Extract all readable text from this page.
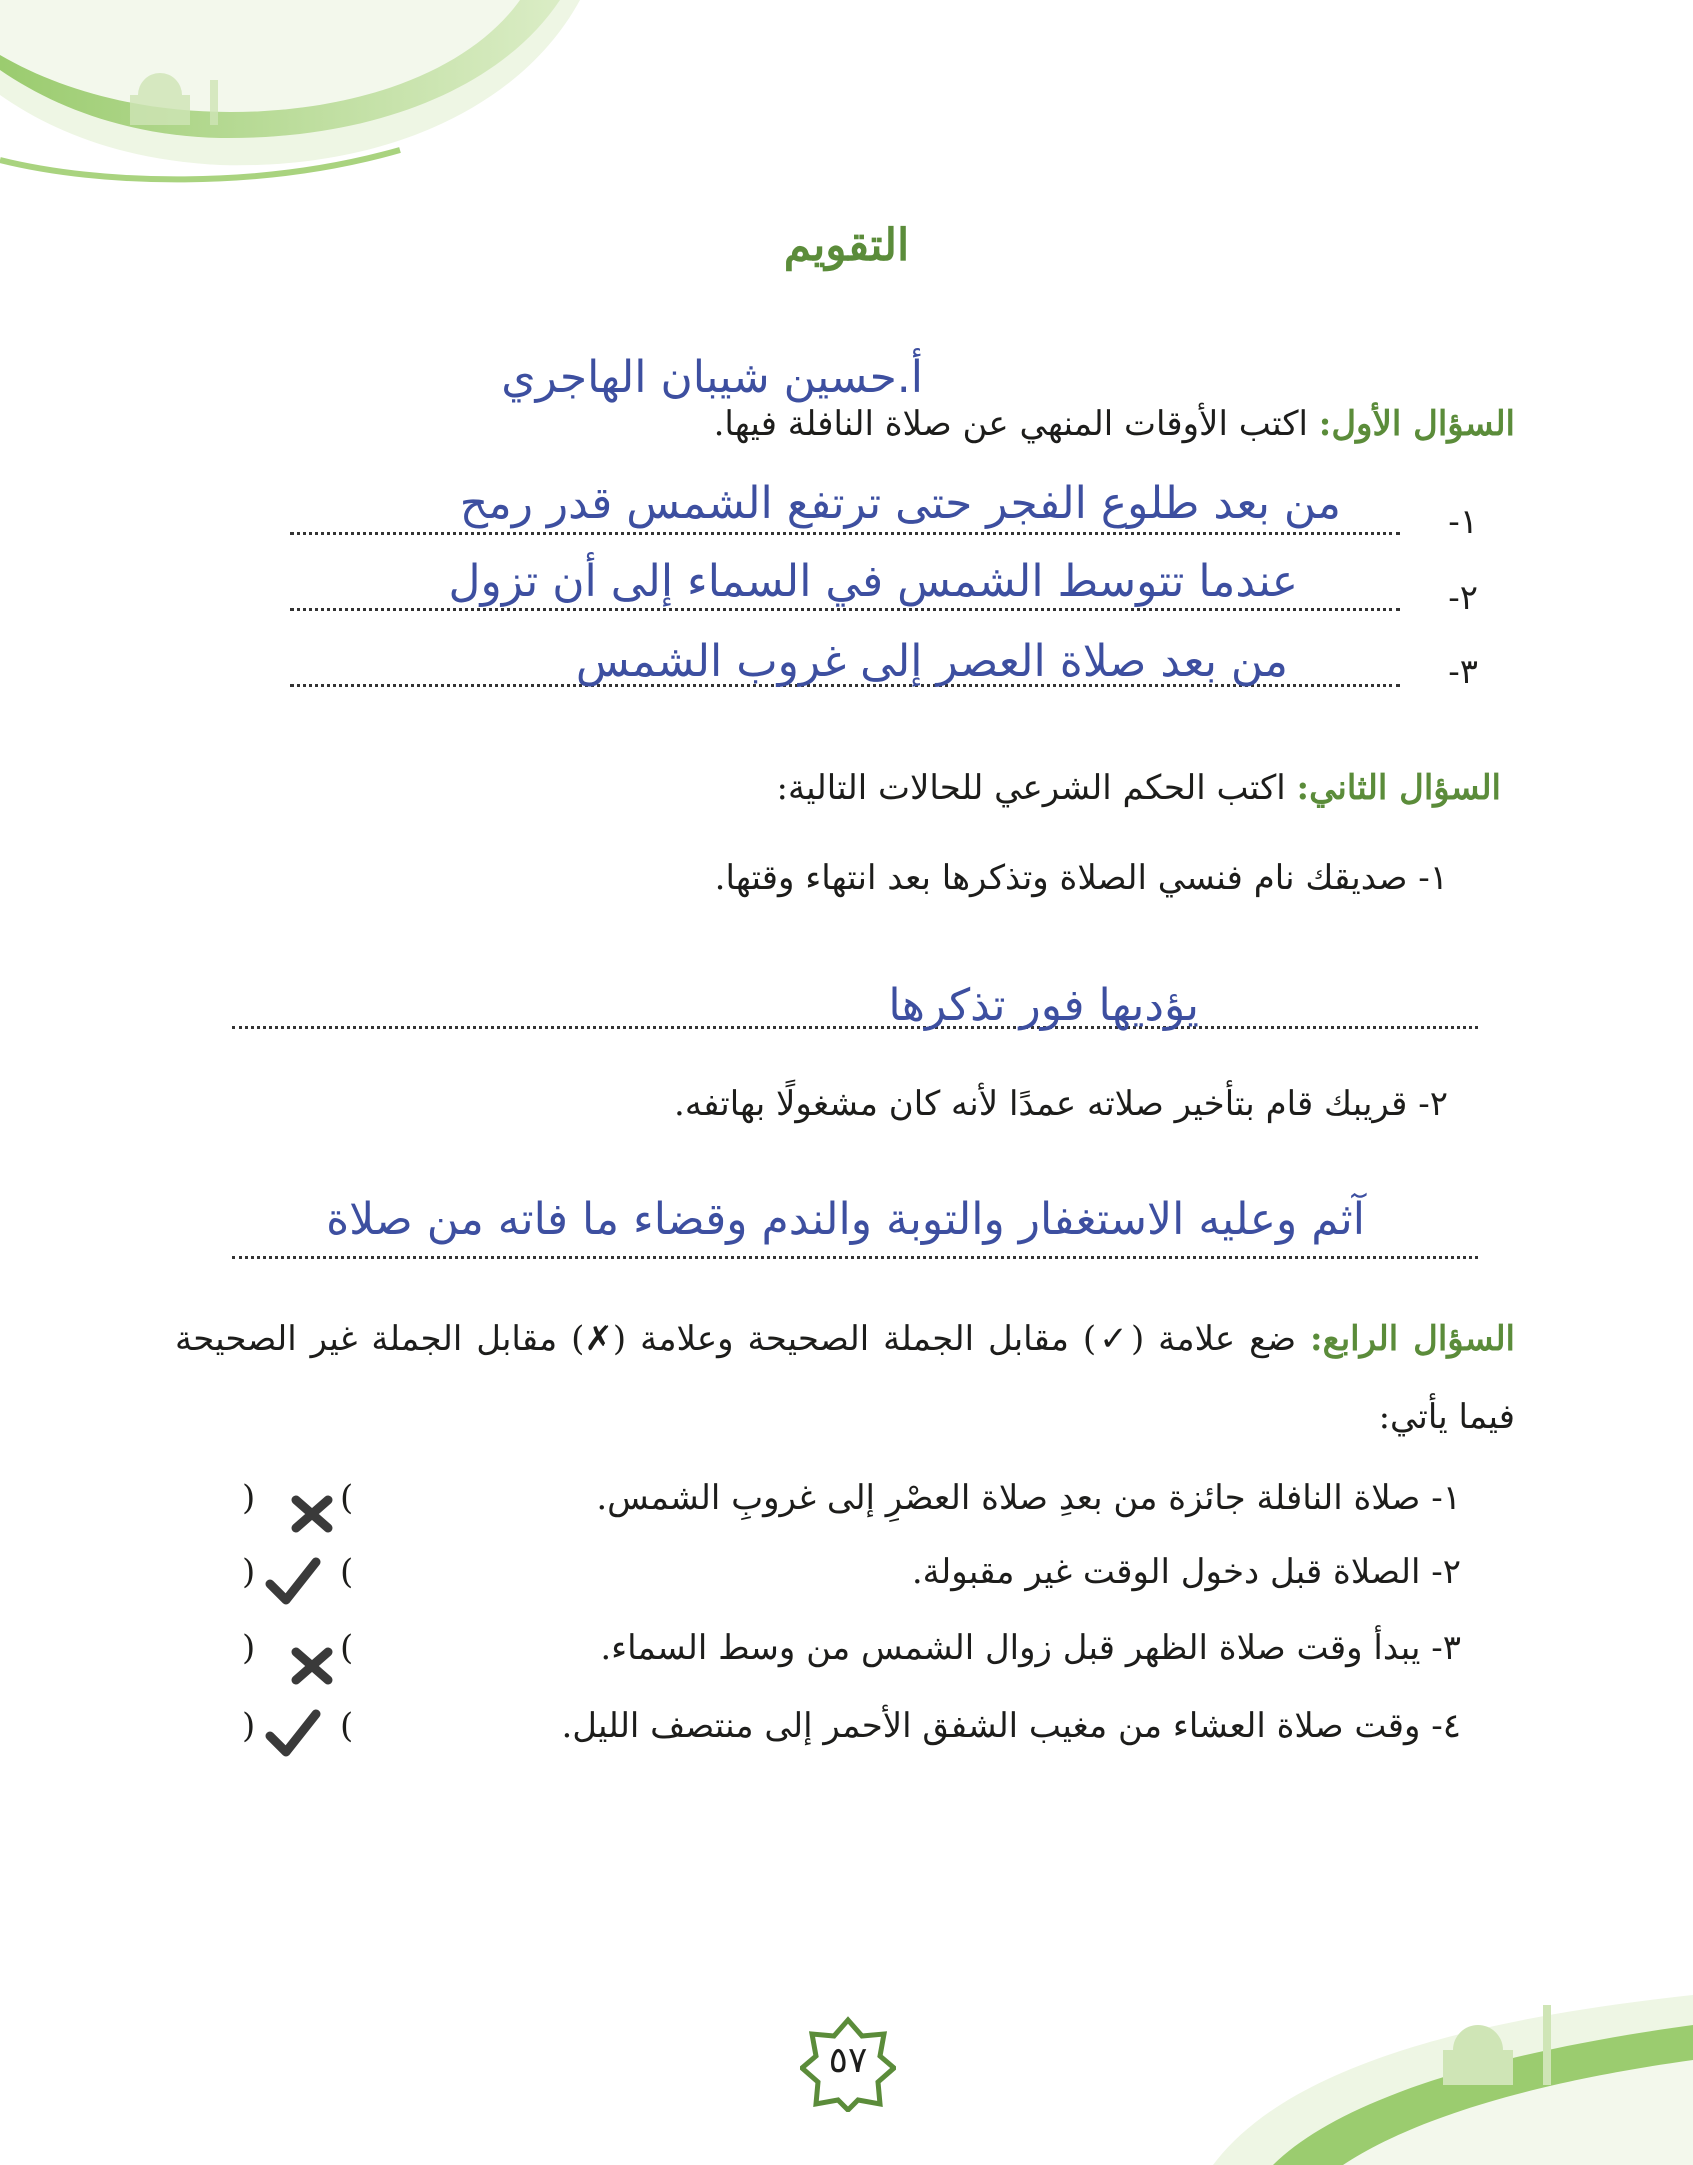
التقويم
أ.حسين شيبان الهاجري
السؤال الأول: اكتب الأوقات المنهي عن صلاة النافلة فيها.
١-
من بعد طلوع الفجر حتى ترتفع الشمس قدر رمح
٢-
عندما تتوسط الشمس في السماء إلى أن تزول
٣-
من بعد صلاة العصر إلى غروب الشمس
السؤال الثاني: اكتب الحكم الشرعي للحالات التالية:
١- صديقك نام فنسي الصلاة وتذكرها بعد انتهاء وقتها.
يؤديها فور تذكرها
٢- قريبك قام بتأخير صلاته عمدًا لأنه كان مشغولًا بهاتفه.
آثم وعليه الاستغفار والتوبة والندم وقضاء ما فاته من صلاة
السؤال الرابع: ضع علامة (✓) مقابل الجملة الصحيحة وعلامة (✗) مقابل الجملة غير الصحيحة فيما يأتي:
١- صلاة النافلة جائزة من بعدِ صلاة العصْرِ إلى غروبِ الشمس.
٢- الصلاة قبل دخول الوقت غير مقبولة.
٣- يبدأ وقت صلاة الظهر قبل زوال الشمس من وسط السماء.
٤- وقت صلاة العشاء من مغيب الشفق الأحمر إلى منتصف الليل.
)
(
)
(
)
(
)
(
٥٧
